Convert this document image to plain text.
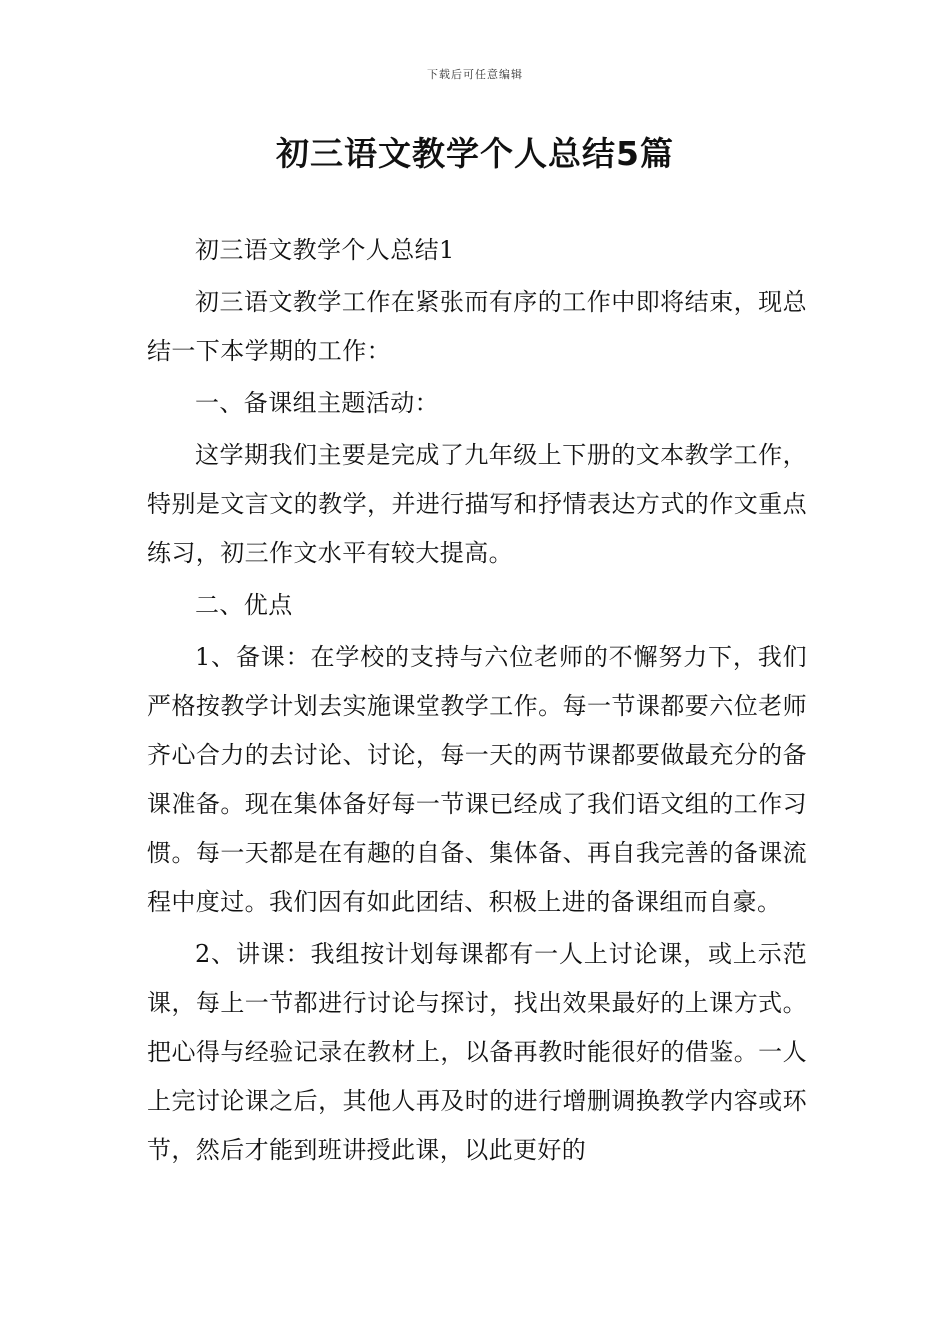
下载后可任意编辑
初三语文教学个人总结5篇

初三语文教学个人总结1

初三语文教学工作在紧张而有序的工作中即将结束，现总结一下本学期的工作：

一、备课组主题活动：

这学期我们主要是完成了九年级上下册的文本教学工作，特别是文言文的教学，并进行描写和抒情表达方式的作文重点练习，初三作文水平有较大提高。

二、优点

1、备课：在学校的支持与六位老师的不懈努力下，我们严格按教学计划去实施课堂教学工作。每一节课都要六位老师齐心合力的去讨论、讨论，每一天的两节课都要做最充分的备课准备。现在集体备好每一节课已经成了我们语文组的工作习惯。每一天都是在有趣的自备、集体备、再自我完善的备课流程中度过。我们因有如此团结、积极上进的备课组而自豪。

2、讲课：我组按计划每课都有一人上讨论课，或上示范课，每上一节都进行讨论与探讨，找出效果最好的上课方式。把心得与经验记录在教材上，以备再教时能很好的借鉴。一人上完讨论课之后，其他人再及时的进行增删调换教学内容或环节，然后才能到班讲授此课，以此更好的
